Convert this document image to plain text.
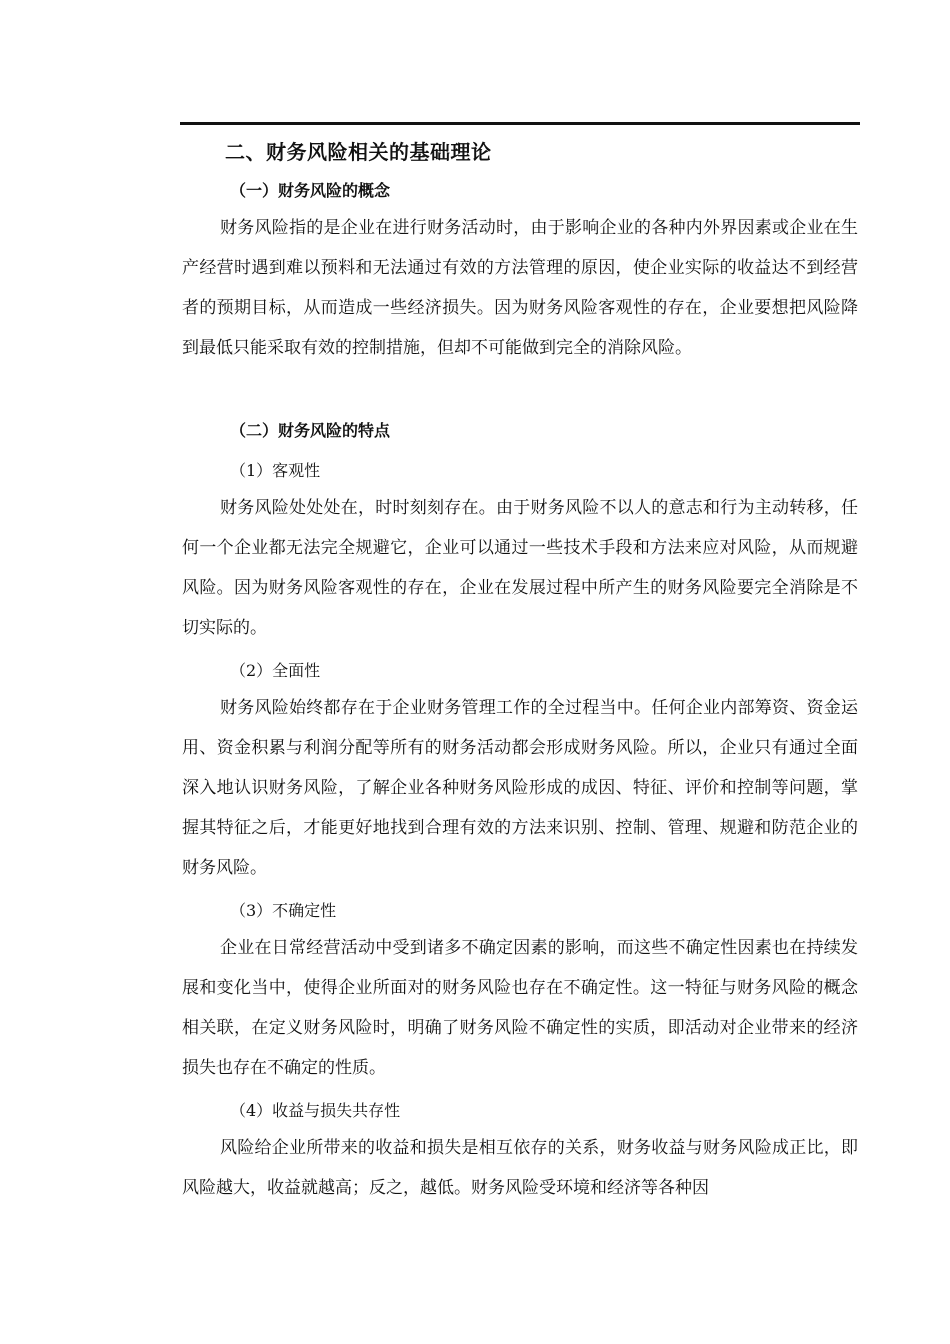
二、财务风险相关的基础理论
（一）财务风险的概念

财务风险指的是企业在进行财务活动时，由于影响企业的各种内外界因素或企业在生产经营时遇到难以预料和无法通过有效的方法管理的原因，使企业实际的收益达不到经营者的预期目标，从而造成一些经济损失。因为财务风险客观性的存在，企业要想把风险降到最低只能采取有效的控制措施，但却不可能做到完全的消除风险。

（二）财务风险的特点
（1）客观性

财务风险处处处在，时时刻刻存在。由于财务风险不以人的意志和行为主动转移，任何一个企业都无法完全规避它，企业可以通过一些技术手段和方法来应对风险，从而规避风险。因为财务风险客观性的存在，企业在发展过程中所产生的财务风险要完全消除是不切实际的。

（2）全面性

财务风险始终都存在于企业财务管理工作的全过程当中。任何企业内部筹资、资金运用、资金积累与利润分配等所有的财务活动都会形成财务风险。所以，企业只有通过全面深入地认识财务风险，了解企业各种财务风险形成的成因、特征、评价和控制等问题，掌握其特征之后，才能更好地找到合理有效的方法来识别、控制、管理、规避和防范企业的财务风险。

（3）不确定性

企业在日常经营活动中受到诸多不确定因素的影响，而这些不确定性因素也在持续发展和变化当中，使得企业所面对的财务风险也存在不确定性。这一特征与财务风险的概念相关联，在定义财务风险时，明确了财务风险不确定性的实质，即活动对企业带来的经济损失也存在不确定的性质。

（4）收益与损失共存性

风险给企业所带来的收益和损失是相互依存的关系，财务收益与财务风险成正比，即风险越大，收益就越高；反之，越低。财务风险受环境和经济等各种因
